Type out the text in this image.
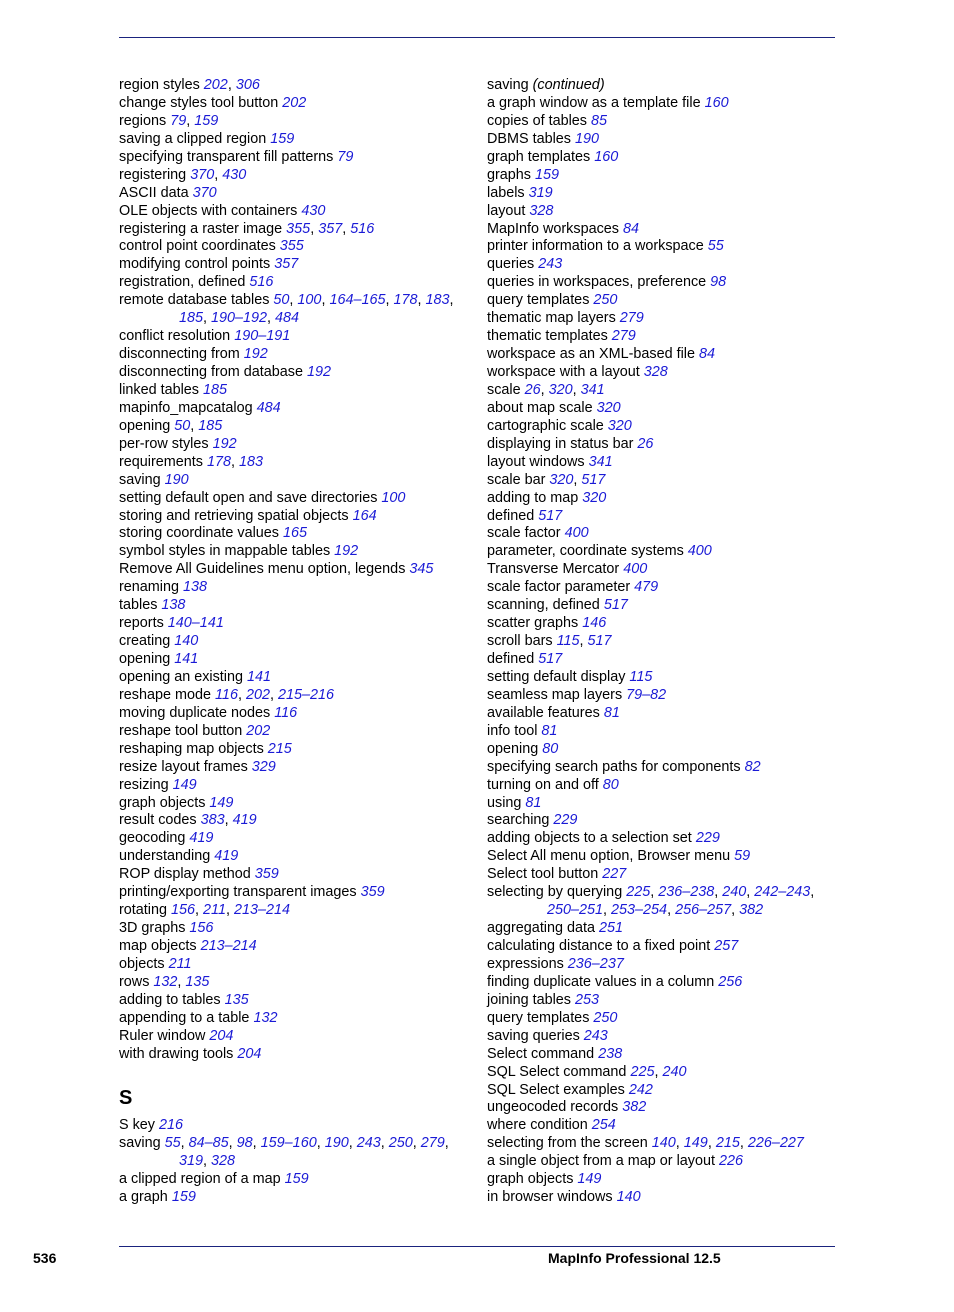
region styles 202, 306
change styles tool button 202
regions 79, 159
saving a clipped region 159
specifying transparent fill patterns 79
registering 370, 430
ASCII data 370
OLE objects with containers 430
registering a raster image 355, 357, 516
control point coordinates 355
modifying control points 357
registration, defined 516
remote database tables 50, 100, 164–165, 178, 183,
185, 190–192, 484
conflict resolution 190–191
disconnecting from 192
disconnecting from database 192
linked tables 185
mapinfo_mapcatalog 484
opening 50, 185
per-row styles 192
requirements 178, 183
saving 190
setting default open and save directories 100
storing and retrieving spatial objects 164
storing coordinate values 165
symbol styles in mappable tables 192
Remove All Guidelines menu option, legends 345
renaming 138
tables 138
reports 140–141
creating 140
opening 141
opening an existing 141
reshape mode 116, 202, 215–216
moving duplicate nodes 116
reshape tool button 202
reshaping map objects 215
resize layout frames 329
resizing 149
graph objects 149
result codes 383, 419
geocoding 419
understanding 419
ROP display method 359
printing/exporting transparent images 359
rotating 156, 211, 213–214
3D graphs 156
map objects 213–214
objects 211
rows 132, 135
adding to tables 135
appending to a table 132
Ruler window 204
with drawing tools 204
S
S key 216
saving 55, 84–85, 98, 159–160, 190, 243, 250, 279,
319, 328
a clipped region of a map 159
a graph 159
saving (continued)
a graph window as a template file 160
copies of tables 85
DBMS tables 190
graph templates 160
graphs 159
labels 319
layout 328
MapInfo workspaces 84
printer information to a workspace 55
queries 243
queries in workspaces, preference 98
query templates 250
thematic map layers 279
thematic templates 279
workspace as an XML-based file 84
workspace with a layout 328
scale 26, 320, 341
about map scale 320
cartographic scale 320
displaying in status bar 26
layout windows 341
scale bar 320, 517
adding to map 320
defined 517
scale factor 400
parameter, coordinate systems 400
Transverse Mercator 400
scale factor parameter 479
scanning, defined 517
scatter graphs 146
scroll bars 115, 517
defined 517
setting default display 115
seamless map layers 79–82
available features 81
info tool 81
opening 80
specifying search paths for components 82
turning on and off 80
using 81
searching 229
adding objects to a selection set 229
Select All menu option, Browser menu 59
Select tool button 227
selecting by querying 225, 236–238, 240, 242–243,
250–251, 253–254, 256–257, 382
aggregating data 251
calculating distance to a fixed point 257
expressions 236–237
finding duplicate values in a column 256
joining tables 253
query templates 250
saving queries 243
Select command 238
SQL Select command 225, 240
SQL Select examples 242
ungeocoded records 382
where condition 254
selecting from the screen 140, 149, 215, 226–227
a single object from a map or layout 226
graph objects 149
in browser windows 140
536	MapInfo Professional 12.5
